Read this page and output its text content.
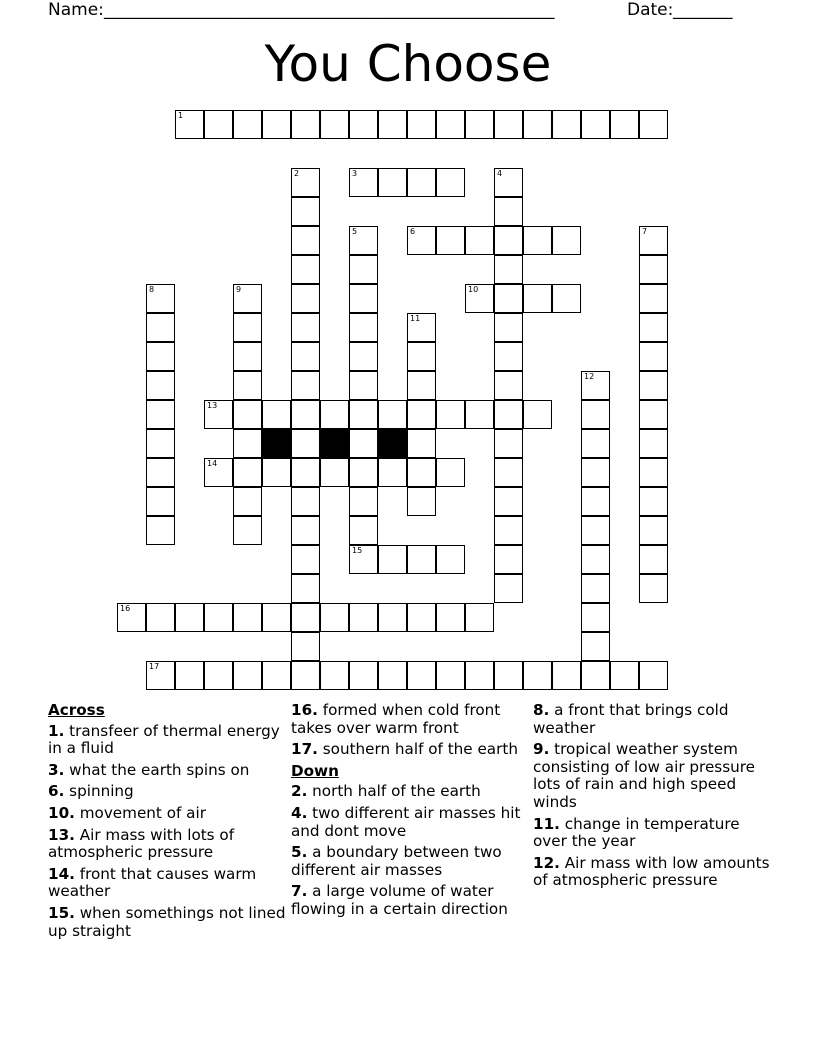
Name: _____________________________________________________	Date: _______
You Choose
1
2	3	4
5	6	7
8	9	10
11
12
13
14
15
16
17
Across
1. transfeer of thermal energy in a fluid
3. what the earth spins on
6. spinning
10. movement of air
13. Air mass with lots of atmospheric pressure
14. front that causes warm weather
15. when somethings not lined up straight
16. formed when cold front takes over warm front
17. southern half of the earth
Down
2. north half of the earth
4. two different air masses hit and dont move
5. a boundary between two different air masses
7. a large volume of water flowing in a certain direction
8. a front that brings cold weather
9. tropical weather system consisting of low air pressure lots of rain and high speed winds
11. change in temperature over the year
12. Air mass with low amounts of atmospheric pressure
